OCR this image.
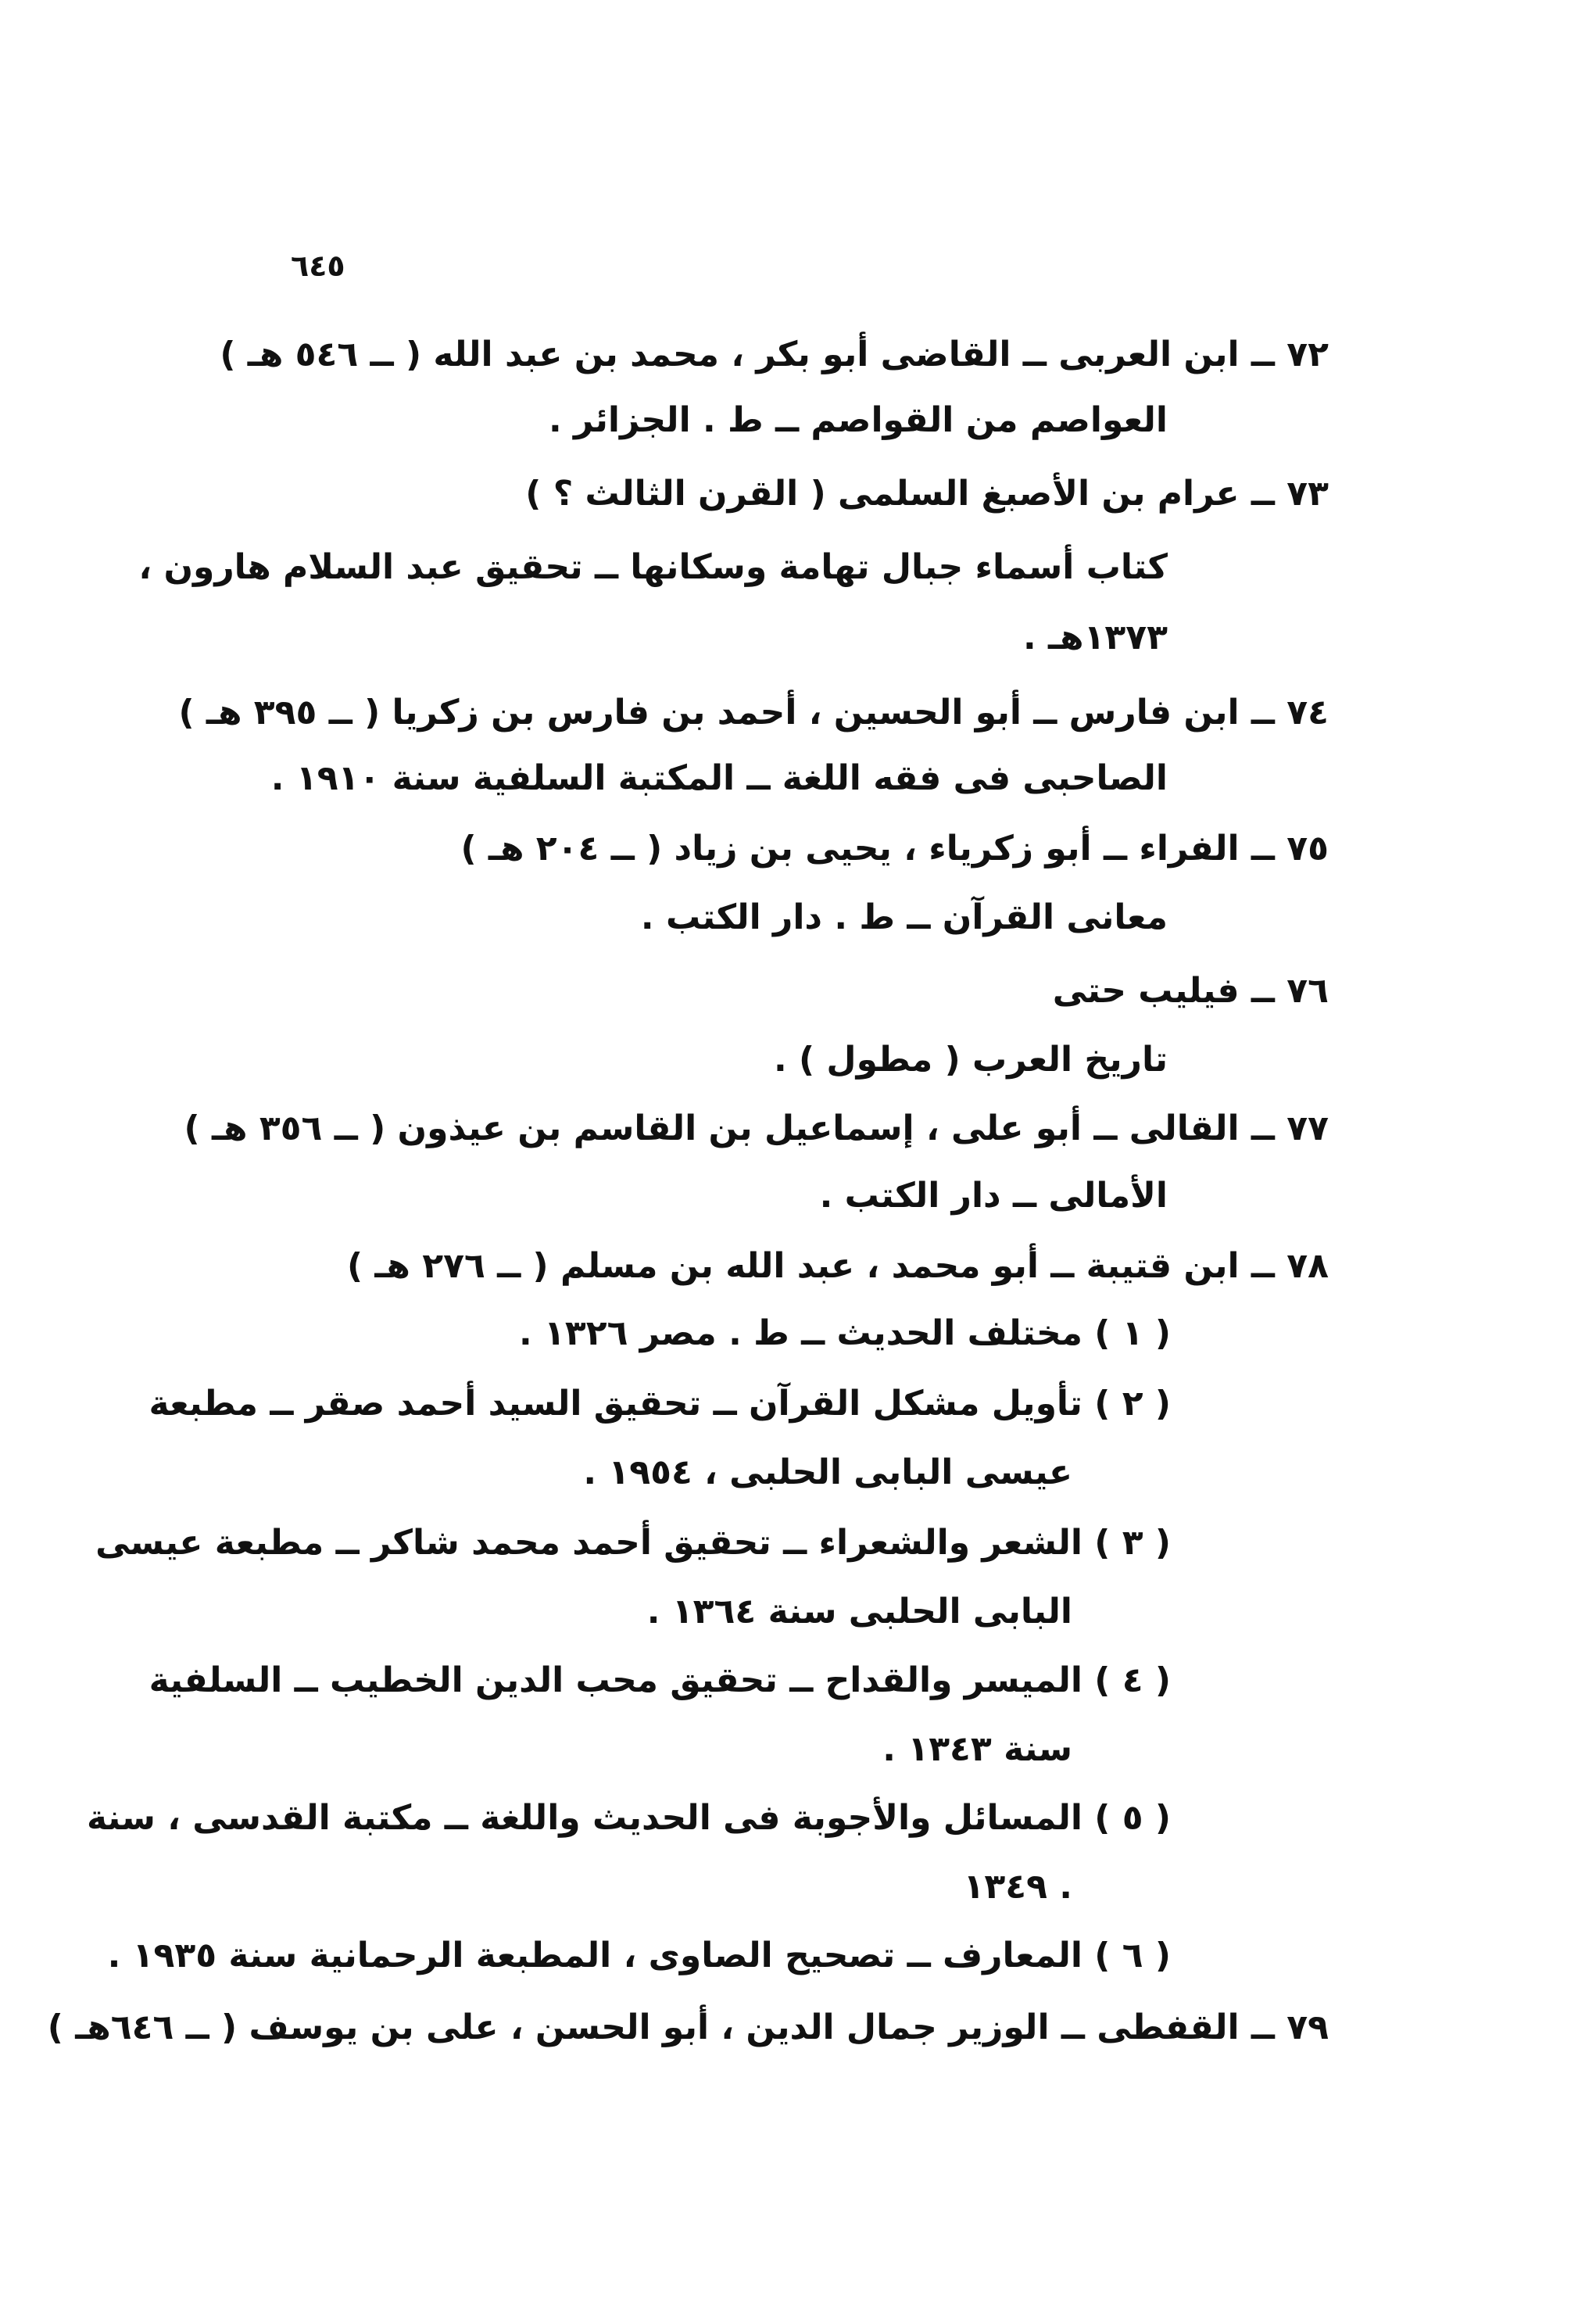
٦٤٥
٧٢ ــ ابن العربى ــ القاضى أبو بكر ، محمد بن عبد الله ( ــ ٥٤٦ هـ )
العواصم من القواصم ــ ط . الجزائر .
٧٣ ــ عرام بن الأصبغ السلمى ( القرن الثالث ؟ )
كتاب أسماء جبال تهامة وسكانها ــ تحقيق عبد السلام هارون ،
١٣٧٣هـ .
٧٤ ــ ابن فارس ــ أبو الحسين ، أحمد بن فارس بن زكريا ( ــ ٣٩٥ هـ )
الصاحبى فى فقه اللغة ــ المكتبة السلفية سنة ١٩١٠ .
٧٥ ــ الفراء ــ أبو زكرياء ، يحيى بن زياد ( ــ ٢٠٤ هـ )
معانى القرآن ــ ط . دار الكتب .
٧٦ ــ فيليب حتى
تاريخ العرب ( مطول ) .
٧٧ ــ القالى ــ أبو على ، إسماعيل بن القاسم بن عيذون ( ــ ٣٥٦ هـ )
الأمالى ــ دار الكتب .
٧٨ ــ ابن قتيبة ــ أبو محمد ، عبد الله بن مسلم ( ــ ٢٧٦ هـ )
( ١ ) مختلف الحديث ــ ط . مصر ١٣٢٦ .
( ٢ ) تأويل مشكل القرآن ــ تحقيق السيد أحمد صقر ــ مطبعة
عيسى البابى الحلبى ، ١٩٥٤ .
( ٣ ) الشعر والشعراء ــ تحقيق أحمد محمد شاكر ــ مطبعة عيسى
البابى الحلبى سنة ١٣٦٤ .
( ٤ ) الميسر والقداح ــ تحقيق محب الدين الخطيب ــ السلفية
سنة ١٣٤٣ .
( ٥ ) المسائل والأجوبة فى الحديث واللغة ــ مكتبة القدسى ، سنة
١٣٤٩ .
( ٦ ) المعارف ــ تصحيح الصاوى ، المطبعة الرحمانية سنة ١٩٣٥ .
٧٩ ــ القفطى ــ الوزير جمال الدين ، أبو الحسن ، على بن يوسف ( ــ ٦٤٦هـ )
